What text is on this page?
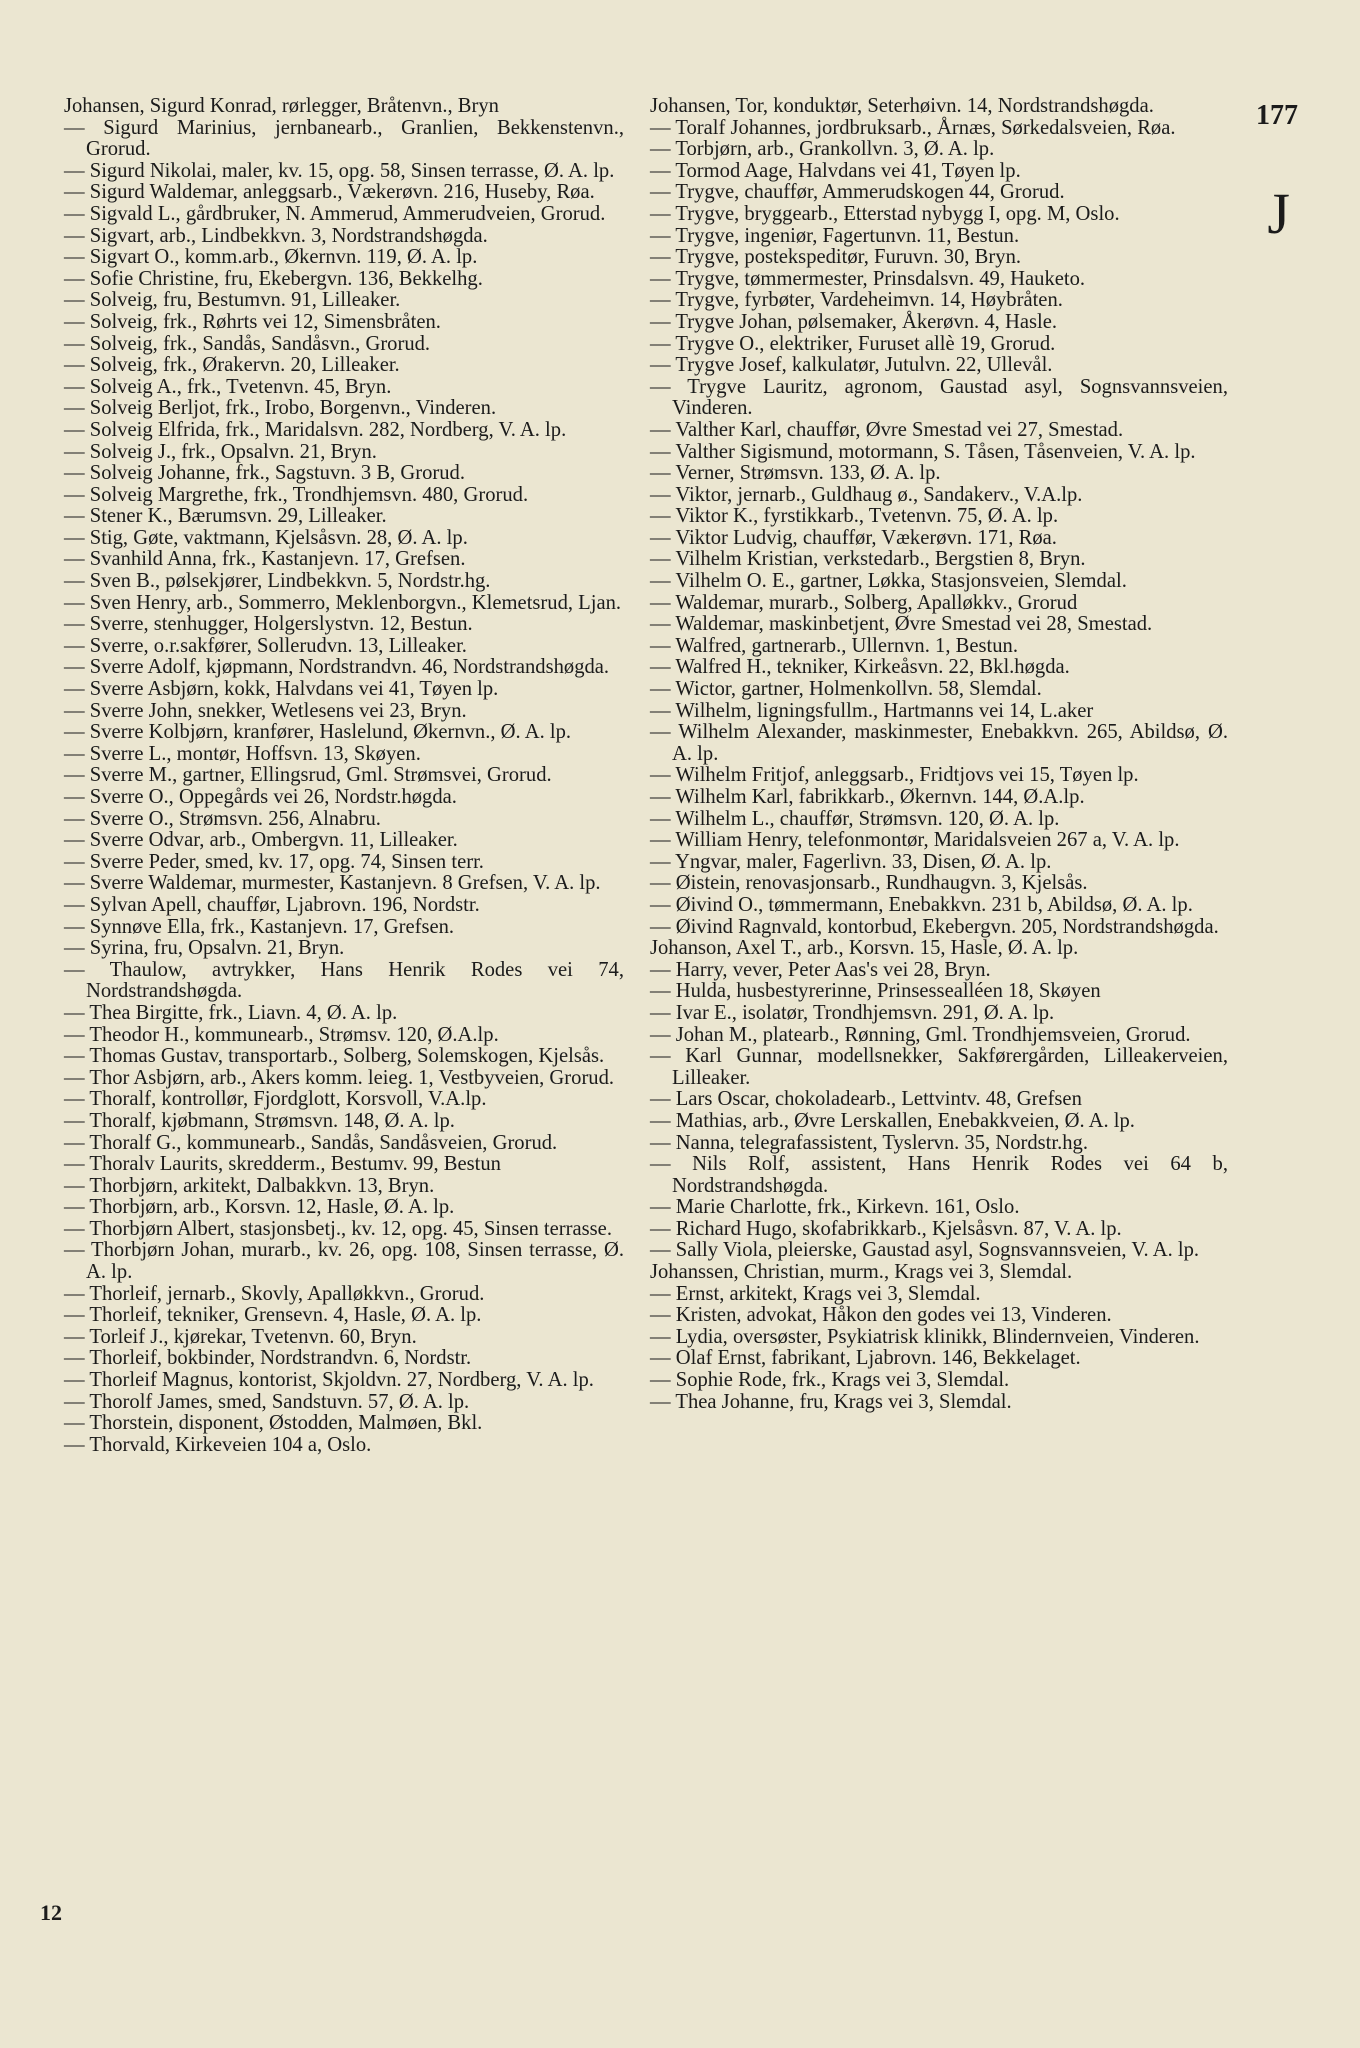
Johansen, Sigurd Konrad, rørlegger, Bråtenvn., Bryn
— Sigurd Marinius, jernbanearb., Granlien, Bekkenstenvn., Grorud.
— Sigurd Nikolai, maler, kv. 15, opg. 58, Sinsen terrasse, Ø. A. lp.
— Sigurd Waldemar, anleggsarb., Vækerøvn. 216, Huseby, Røa.
— Sigvald L., gårdbruker, N. Ammerud, Ammerudveien, Grorud.
— Sigvart, arb., Lindbekkvn. 3, Nordstrandshøgda.
— Sigvart O., komm.arb., Økernvn. 119, Ø. A. lp.
— Sofie Christine, fru, Ekebergvn. 136, Bekkelhg.
— Solveig, fru, Bestumvn. 91, Lilleaker.
— Solveig, frk., Røhrts vei 12, Simensbråten.
— Solveig, frk., Sandås, Sandåsvn., Grorud.
— Solveig, frk., Ørakervn. 20, Lilleaker.
— Solveig A., frk., Tvetenvn. 45, Bryn.
— Solveig Berljot, frk., Irobo, Borgenvn., Vinderen.
— Solveig Elfrida, frk., Maridalsvn. 282, Nordberg, V. A. lp.
— Solveig J., frk., Opsalvn. 21, Bryn.
— Solveig Johanne, frk., Sagstuvn. 3 B, Grorud.
— Solveig Margrethe, frk., Trondhjemsvn. 480, Grorud.
— Stener K., Bærumsvn. 29, Lilleaker.
— Stig, Gøte, vaktmann, Kjelsåsvn. 28, Ø. A. lp.
— Svanhild Anna, frk., Kastanjevn. 17, Grefsen.
— Sven B., pølsekjører, Lindbekkvn. 5, Nordstr.hg.
— Sven Henry, arb., Sommerro, Meklenborgvn., Klemetsrud, Ljan.
— Sverre, stenhugger, Holgerslystvn. 12, Bestun.
— Sverre, o.r.sakfører, Sollerudvn. 13, Lilleaker.
— Sverre Adolf, kjøpmann, Nordstrandvn. 46, Nordstrandshøgda.
— Sverre Asbjørn, kokk, Halvdans vei 41, Tøyen lp.
— Sverre John, snekker, Wetlesens vei 23, Bryn.
— Sverre Kolbjørn, kranfører, Haslelund, Økernvn., Ø. A. lp.
— Sverre L., montør, Hoffsvn. 13, Skøyen.
— Sverre M., gartner, Ellingsrud, Gml. Strømsvei, Grorud.
— Sverre O., Oppegårds vei 26, Nordstr.høgda.
— Sverre O., Strømsvn. 256, Alnabru.
— Sverre Odvar, arb., Ombergvn. 11, Lilleaker.
— Sverre Peder, smed, kv. 17, opg. 74, Sinsen terr.
— Sverre Waldemar, murmester, Kastanjevn. 8 Grefsen, V. A. lp.
— Sylvan Apell, chauffør, Ljabrovn. 196, Nordstr.
— Synnøve Ella, frk., Kastanjevn. 17, Grefsen.
— Syrina, fru, Opsalvn. 21, Bryn.
— Thaulow, avtrykker, Hans Henrik Rodes vei 74, Nordstrandshøgda.
— Thea Birgitte, frk., Liavn. 4, Ø. A. lp.
— Theodor H., kommunearb., Strømsv. 120, Ø.A.lp.
— Thomas Gustav, transportarb., Solberg, Solemskogen, Kjelsås.
— Thor Asbjørn, arb., Akers komm. leieg. 1, Vestbyveien, Grorud.
— Thoralf, kontrollør, Fjordglott, Korsvoll, V.A.lp.
— Thoralf, kjøbmann, Strømsvn. 148, Ø. A. lp.
— Thoralf G., kommunearb., Sandås, Sandåsveien, Grorud.
— Thoralv Laurits, skredderm., Bestumv. 99, Bestun
— Thorbjørn, arkitekt, Dalbakkvn. 13, Bryn.
— Thorbjørn, arb., Korsvn. 12, Hasle, Ø. A. lp.
— Thorbjørn Albert, stasjonsbetj., kv. 12, opg. 45, Sinsen terrasse.
— Thorbjørn Johan, murarb., kv. 26, opg. 108, Sinsen terrasse, Ø. A. lp.
— Thorleif, jernarb., Skovly, Apalløkkvn., Grorud.
— Thorleif, tekniker, Grensevn. 4, Hasle, Ø. A. lp.
— Torleif J., kjørekar, Tvetenvn. 60, Bryn.
— Thorleif, bokbinder, Nordstrandvn. 6, Nordstr.
— Thorleif Magnus, kontorist, Skjoldvn. 27, Nordberg, V. A. lp.
— Thorolf James, smed, Sandstuvn. 57, Ø. A. lp.
— Thorstein, disponent, Østodden, Malmøen, Bkl.
— Thorvald, Kirkeveien 104 a, Oslo.
Johansen, Tor, konduktør, Seterhøivn. 14, Nordstrandshøgda.
— Toralf Johannes, jordbruksarb., Årnæs, Sørkedalsveien, Røa.
— Torbjørn, arb., Grankollvn. 3, Ø. A. lp.
— Tormod Aage, Halvdans vei 41, Tøyen lp.
— Trygve, chauffør, Ammerudskogen 44, Grorud.
— Trygve, bryggearb., Etterstad nybygg I, opg. M, Oslo.
— Trygve, ingeniør, Fagertunvn. 11, Bestun.
— Trygve, postekspeditør, Furuvn. 30, Bryn.
— Trygve, tømmermester, Prinsdalsvn. 49, Hauketo.
— Trygve, fyrbøter, Vardeheimvn. 14, Høybråten.
— Trygve Johan, pølsemaker, Åkerøvn. 4, Hasle.
— Trygve O., elektriker, Furuset allè 19, Grorud.
— Trygve Josef, kalkulatør, Jutulvn. 22, Ullevål.
— Trygve Lauritz, agronom, Gaustad asyl, Sognsvannsveien, Vinderen.
— Valther Karl, chauffør, Øvre Smestad vei 27, Smestad.
— Valther Sigismund, motormann, S. Tåsen, Tåsenveien, V. A. lp.
— Verner, Strømsvn. 133, Ø. A. lp.
— Viktor, jernarb., Guldhaug ø., Sandakerv., V.A.lp.
— Viktor K., fyrstikkarb., Tvetenvn. 75, Ø. A. lp.
— Viktor Ludvig, chauffør, Vækerøvn. 171, Røa.
— Vilhelm Kristian, verkstedarb., Bergstien 8, Bryn.
— Vilhelm O. E., gartner, Løkka, Stasjonsveien, Slemdal.
— Waldemar, murarb., Solberg, Apalløkkv., Grorud
— Waldemar, maskinbetjent, Øvre Smestad vei 28, Smestad.
— Walfred, gartnerarb., Ullernvn. 1, Bestun.
— Walfred H., tekniker, Kirkeåsvn. 22, Bkl.høgda.
— Wictor, gartner, Holmenkollvn. 58, Slemdal.
— Wilhelm, ligningsfullm., Hartmanns vei 14, L.aker
— Wilhelm Alexander, maskinmester, Enebakkvn. 265, Abildsø, Ø. A. lp.
— Wilhelm Fritjof, anleggsarb., Fridtjovs vei 15, Tøyen lp.
— Wilhelm Karl, fabrikkarb., Økernvn. 144, Ø.A.lp.
— Wilhelm L., chauffør, Strømsvn. 120, Ø. A. lp.
— William Henry, telefonmontør, Maridalsveien 267 a, V. A. lp.
— Yngvar, maler, Fagerlivn. 33, Disen, Ø. A. lp.
— Øistein, renovasjonsarb., Rundhaugvn. 3, Kjelsås.
— Øivind O., tømmermann, Enebakkvn. 231 b, Abildsø, Ø. A. lp.
— Øivind Ragnvald, kontorbud, Ekebergvn. 205, Nordstrandshøgda.
Johanson, Axel T., arb., Korsvn. 15, Hasle, Ø. A. lp.
— Harry, vever, Peter Aas's vei 28, Bryn.
— Hulda, husbestyrerinne, Prinsessealléen 18, Skøyen
— Ivar E., isolatør, Trondhjemsvn. 291, Ø. A. lp.
— Johan M., platearb., Rønning, Gml. Trondhjemsveien, Grorud.
— Karl Gunnar, modellsnekker, Sakførergården, Lilleakerveien, Lilleaker.
— Lars Oscar, chokoladearb., Lettvintv. 48, Grefsen
— Mathias, arb., Øvre Lerskallen, Enebakkveien, Ø. A. lp.
— Nanna, telegrafassistent, Tyslervn. 35, Nordstr.hg.
— Nils Rolf, assistent, Hans Henrik Rodes vei 64 b, Nordstrandshøgda.
— Marie Charlotte, frk., Kirkevn. 161, Oslo.
— Richard Hugo, skofabrikkarb., Kjelsåsvn. 87, V. A. lp.
— Sally Viola, pleierske, Gaustad asyl, Sognsvannsveien, V. A. lp.
Johanssen, Christian, murm., Krags vei 3, Slemdal.
— Ernst, arkitekt, Krags vei 3, Slemdal.
— Kristen, advokat, Håkon den godes vei 13, Vinderen.
— Lydia, oversøster, Psykiatrisk klinikk, Blindernveien, Vinderen.
— Olaf Ernst, fabrikant, Ljabrovn. 146, Bekkelaget.
— Sophie Rode, frk., Krags vei 3, Slemdal.
— Thea Johanne, fru, Krags vei 3, Slemdal.
177
J
12
